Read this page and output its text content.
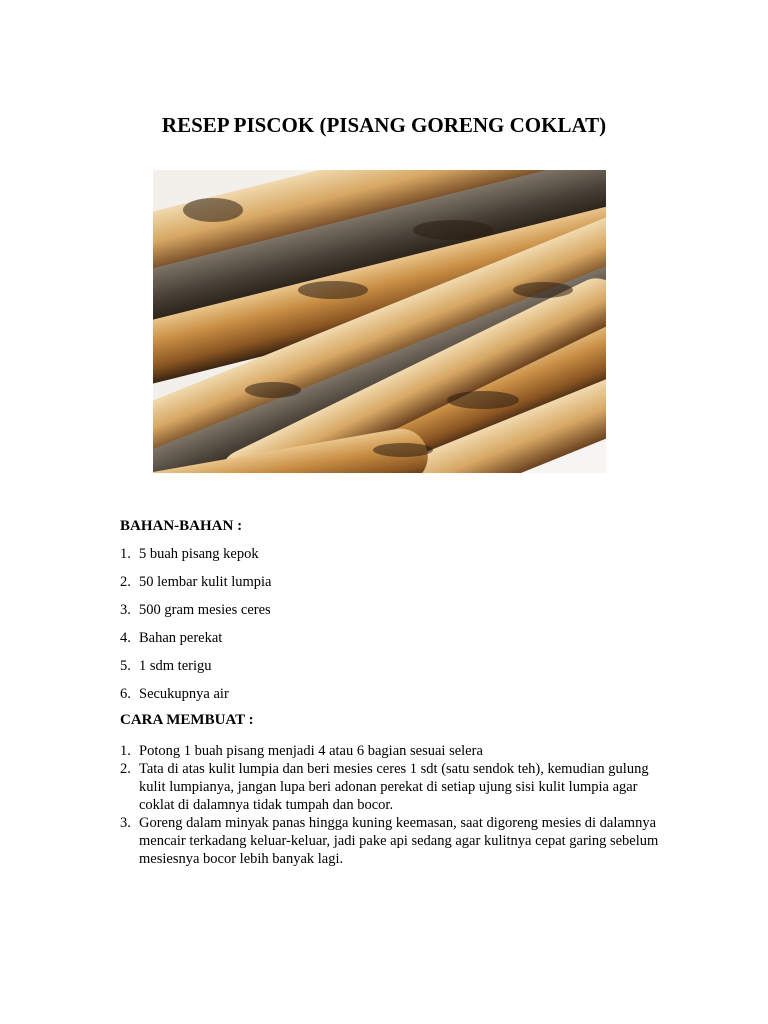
RESEP PISCOK (PISANG GORENG COKLAT)
BAHAN-BAHAN :
1. 5 buah pisang kepok
2. 50 lembar kulit lumpia
3. 500 gram mesies ceres
4. Bahan perekat
5. 1 sdm terigu
6. Secukupnya air
CARA MEMBUAT :
1. Potong 1 buah pisang menjadi 4 atau 6 bagian sesuai selera
2. Tata di atas kulit lumpia dan beri mesies ceres 1 sdt (satu sendok teh), kemudian gulung kulit lumpianya, jangan lupa beri adonan perekat di setiap ujung sisi kulit lumpia agar coklat di dalamnya tidak tumpah dan bocor.
3. Goreng dalam minyak panas hingga kuning keemasan, saat digoreng mesies di dalamnya mencair terkadang keluar-keluar, jadi pake api sedang agar kulitnya cepat garing sebelum mesiesnya bocor lebih banyak lagi.
